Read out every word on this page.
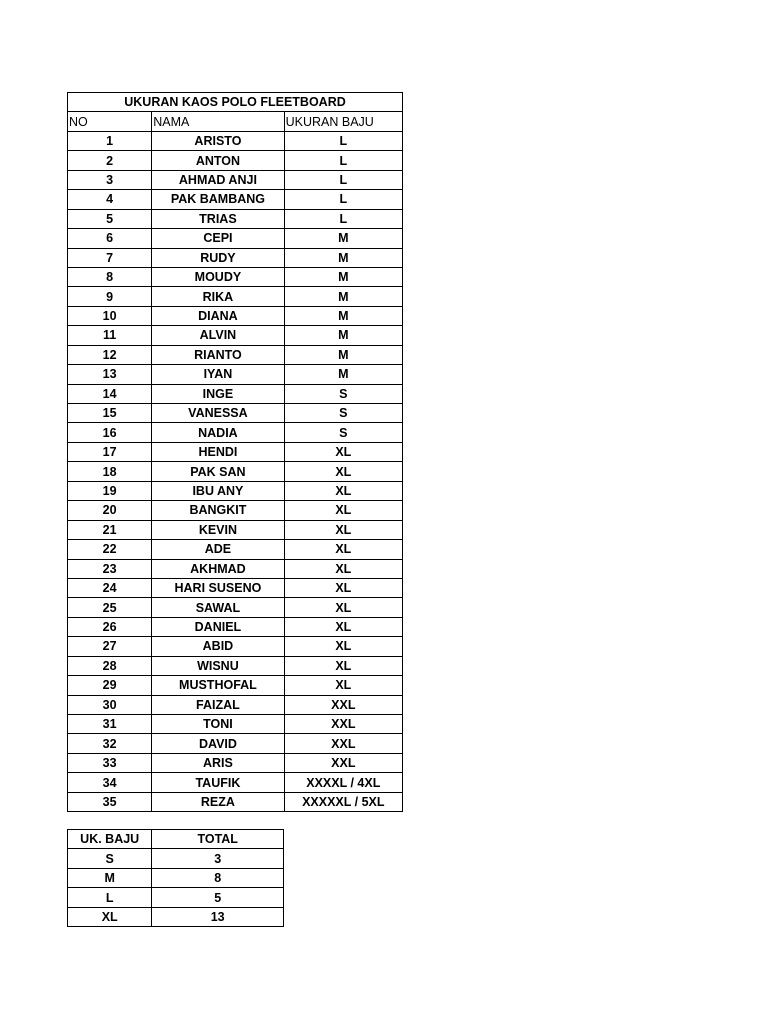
UKURAN KAOS POLO FLEETBOARD		
NO	NAMA	UKURAN BAJU
1	ARISTO	L
2	ANTON	L
3	AHMAD ANJI	L
4	PAK BAMBANG	L
5	TRIAS	L
6	CEPI	M
7	RUDY	M
8	MOUDY	M
9	RIKA	M
10	DIANA	M
11	ALVIN	M
12	RIANTO	M
13	IYAN	M
14	INGE	S
15	VANESSA	S
16	NADIA	S
17	HENDI	XL
18	PAK SAN	XL
19	IBU ANY	XL
20	BANGKIT	XL
21	KEVIN	XL
22	ADE	XL
23	AKHMAD	XL
24	HARI SUSENO	XL
25	SAWAL	XL
26	DANIEL	XL
27	ABID	XL
28	WISNU	XL
29	MUSTHOFAL	XL
30	FAIZAL	XXL
31	TONI	XXL
32	DAVID	XXL
33	ARIS	XXL
34	TAUFIK	XXXXL / 4XL
35	REZA	XXXXXL / 5XL
UK. BAJU	TOTAL
S	3
M	8
L	5
XL	13
